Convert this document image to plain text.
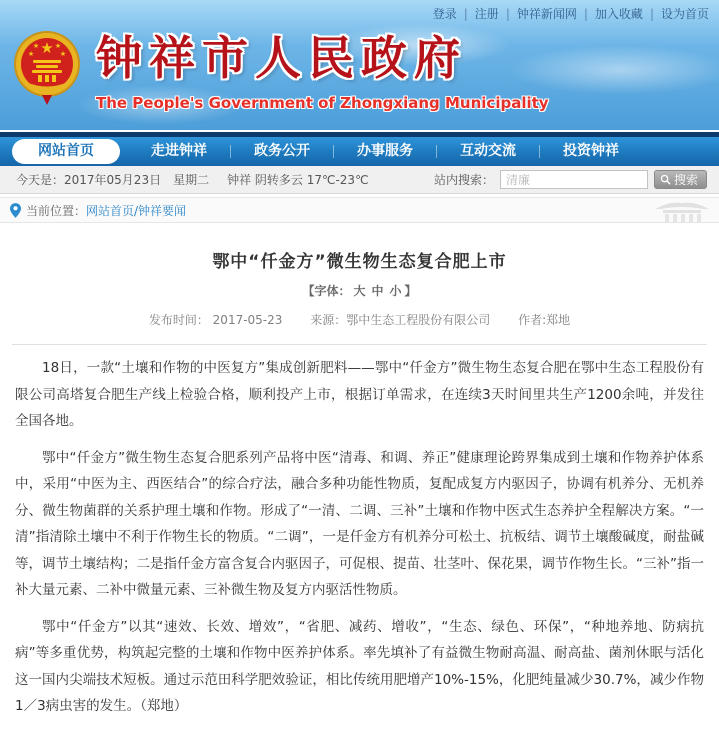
登录 | 注册 | 钟祥新闻网 | 加入收藏 | 设为首页
★
★ ★
★	★ 钟祥市人民政府
The People's Government of Zhongxiang Municipality
网站首页	走进钟祥	政务公开	办事服务	互动交流	投资钟祥
今天是：2017年05月23日　星期二 钟祥 阴转多云 17℃-23℃	站内搜索：
清廉	搜索
当前位置： 网站首页/钟祥要闻
鄂中“仟金方”微生物生态复合肥上市
【字体： 大 中 小 】
发布时间： 2017-05-23 来源：鄂中生态工程股份有限公司 作者:郑地

18日，一款“土壤和作物的中医复方”集成创新肥料——鄂中“仟金方”微生物生态复合肥在鄂中生态工程股份有限公司高塔复合肥生产线上检验合格，顺利投产上市，根据订单需求，在连续3天时间里共生产1200余吨，并发往全国各地。

鄂中“仟金方”微生物生态复合肥系列产品将中医“清毒、和调、养正”健康理论跨界集成到土壤和作物养护体系中，采用“中医为主、西医结合”的综合疗法，融合多种功能性物质，复配成复方内驱因子，协调有机养分、无机养分、微生物菌群的关系护理土壤和作物。形成了“一清、二调、三补”土壤和作物中医式生态养护全程解决方案。“一清”指清除土壤中不利于作物生长的物质。“二调”，一是仟金方有机养分可松土、抗板结、调节土壤酸碱度，耐盐碱等，调节土壤结构；二是指仟金方富含复合内驱因子，可促根、提苗、壮茎叶、保花果，调节作物生长。“三补”指一补大量元素、二补中微量元素、三补微生物及复方内驱活性物质。

鄂中“仟金方”以其“速效、长效、增效”，“省肥、减药、增收”，“生态、绿色、环保”，“种地养地、防病抗病”等多重优势，构筑起完整的土壤和作物中医养护体系。率先填补了有益微生物耐高温、耐高盐、菌剂休眠与活化这一国内尖端技术短板。通过示范田科学肥效验证，相比传统用肥增产10%-15%，化肥纯量减少30.7%，减少作物1／3病虫害的发生。（郑地）
